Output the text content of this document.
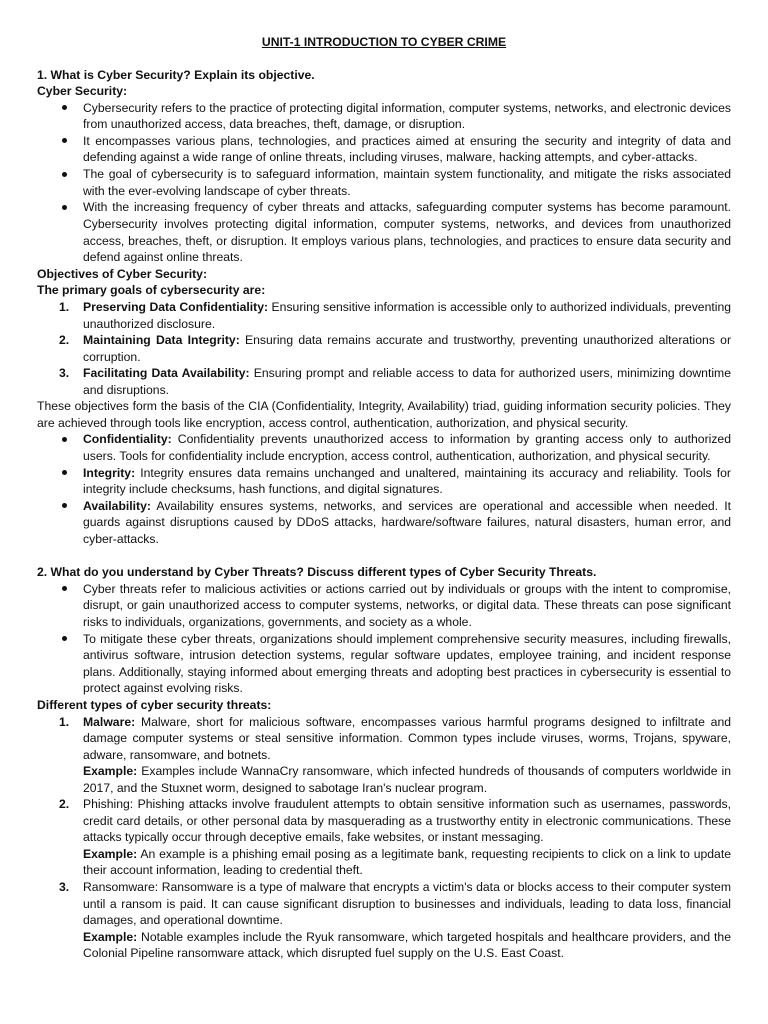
UNIT-1 INTRODUCTION TO CYBER CRIME
1. What is Cyber Security? Explain its objective.
Cyber Security:
Cybersecurity refers to the practice of protecting digital information, computer systems, networks, and electronic devices from unauthorized access, data breaches, theft, damage, or disruption.
It encompasses various plans, technologies, and practices aimed at ensuring the security and integrity of data and defending against a wide range of online threats, including viruses, malware, hacking attempts, and cyber-attacks.
The goal of cybersecurity is to safeguard information, maintain system functionality, and mitigate the risks associated with the ever-evolving landscape of cyber threats.
With the increasing frequency of cyber threats and attacks, safeguarding computer systems has become paramount. Cybersecurity involves protecting digital information, computer systems, networks, and devices from unauthorized access, breaches, theft, or disruption. It employs various plans, technologies, and practices to ensure data security and defend against online threats.
Objectives of Cyber Security:
The primary goals of cybersecurity are:
1. Preserving Data Confidentiality: Ensuring sensitive information is accessible only to authorized individuals, preventing unauthorized disclosure.
2. Maintaining Data Integrity: Ensuring data remains accurate and trustworthy, preventing unauthorized alterations or corruption.
3. Facilitating Data Availability: Ensuring prompt and reliable access to data for authorized users, minimizing downtime and disruptions.

These objectives form the basis of the CIA (Confidentiality, Integrity, Availability) triad, guiding information security policies. They are achieved through tools like encryption, access control, authentication, authorization, and physical security.

Confidentiality: Confidentiality prevents unauthorized access to information by granting access only to authorized users. Tools for confidentiality include encryption, access control, authentication, authorization, and physical security.
Integrity: Integrity ensures data remains unchanged and unaltered, maintaining its accuracy and reliability. Tools for integrity include checksums, hash functions, and digital signatures.
Availability: Availability ensures systems, networks, and services are operational and accessible when needed. It guards against disruptions caused by DDoS attacks, hardware/software failures, natural disasters, human error, and cyber-attacks.
2. What do you understand by Cyber Threats? Discuss different types of Cyber Security Threats.
Cyber threats refer to malicious activities or actions carried out by individuals or groups with the intent to compromise, disrupt, or gain unauthorized access to computer systems, networks, or digital data. These threats can pose significant risks to individuals, organizations, governments, and society as a whole.
To mitigate these cyber threats, organizations should implement comprehensive security measures, including firewalls, antivirus software, intrusion detection systems, regular software updates, employee training, and incident response plans. Additionally, staying informed about emerging threats and adopting best practices in cybersecurity is essential to protect against evolving risks.
Different types of cyber security threats:
1. Malware: Malware, short for malicious software, encompasses various harmful programs designed to infiltrate and damage computer systems or steal sensitive information. Common types include viruses, worms, Trojans, spyware, adware, ransomware, and botnets.
Example: Examples include WannaCry ransomware, which infected hundreds of thousands of computers worldwide in 2017, and the Stuxnet worm, designed to sabotage Iran's nuclear program.
2. Phishing: Phishing attacks involve fraudulent attempts to obtain sensitive information such as usernames, passwords, credit card details, or other personal data by masquerading as a trustworthy entity in electronic communications. These attacks typically occur through deceptive emails, fake websites, or instant messaging.
Example: An example is a phishing email posing as a legitimate bank, requesting recipients to click on a link to update their account information, leading to credential theft.
3. Ransomware: Ransomware is a type of malware that encrypts a victim's data or blocks access to their computer system until a ransom is paid. It can cause significant disruption to businesses and individuals, leading to data loss, financial damages, and operational downtime.
Example: Notable examples include the Ryuk ransomware, which targeted hospitals and healthcare providers, and the Colonial Pipeline ransomware attack, which disrupted fuel supply on the U.S. East Coast.
